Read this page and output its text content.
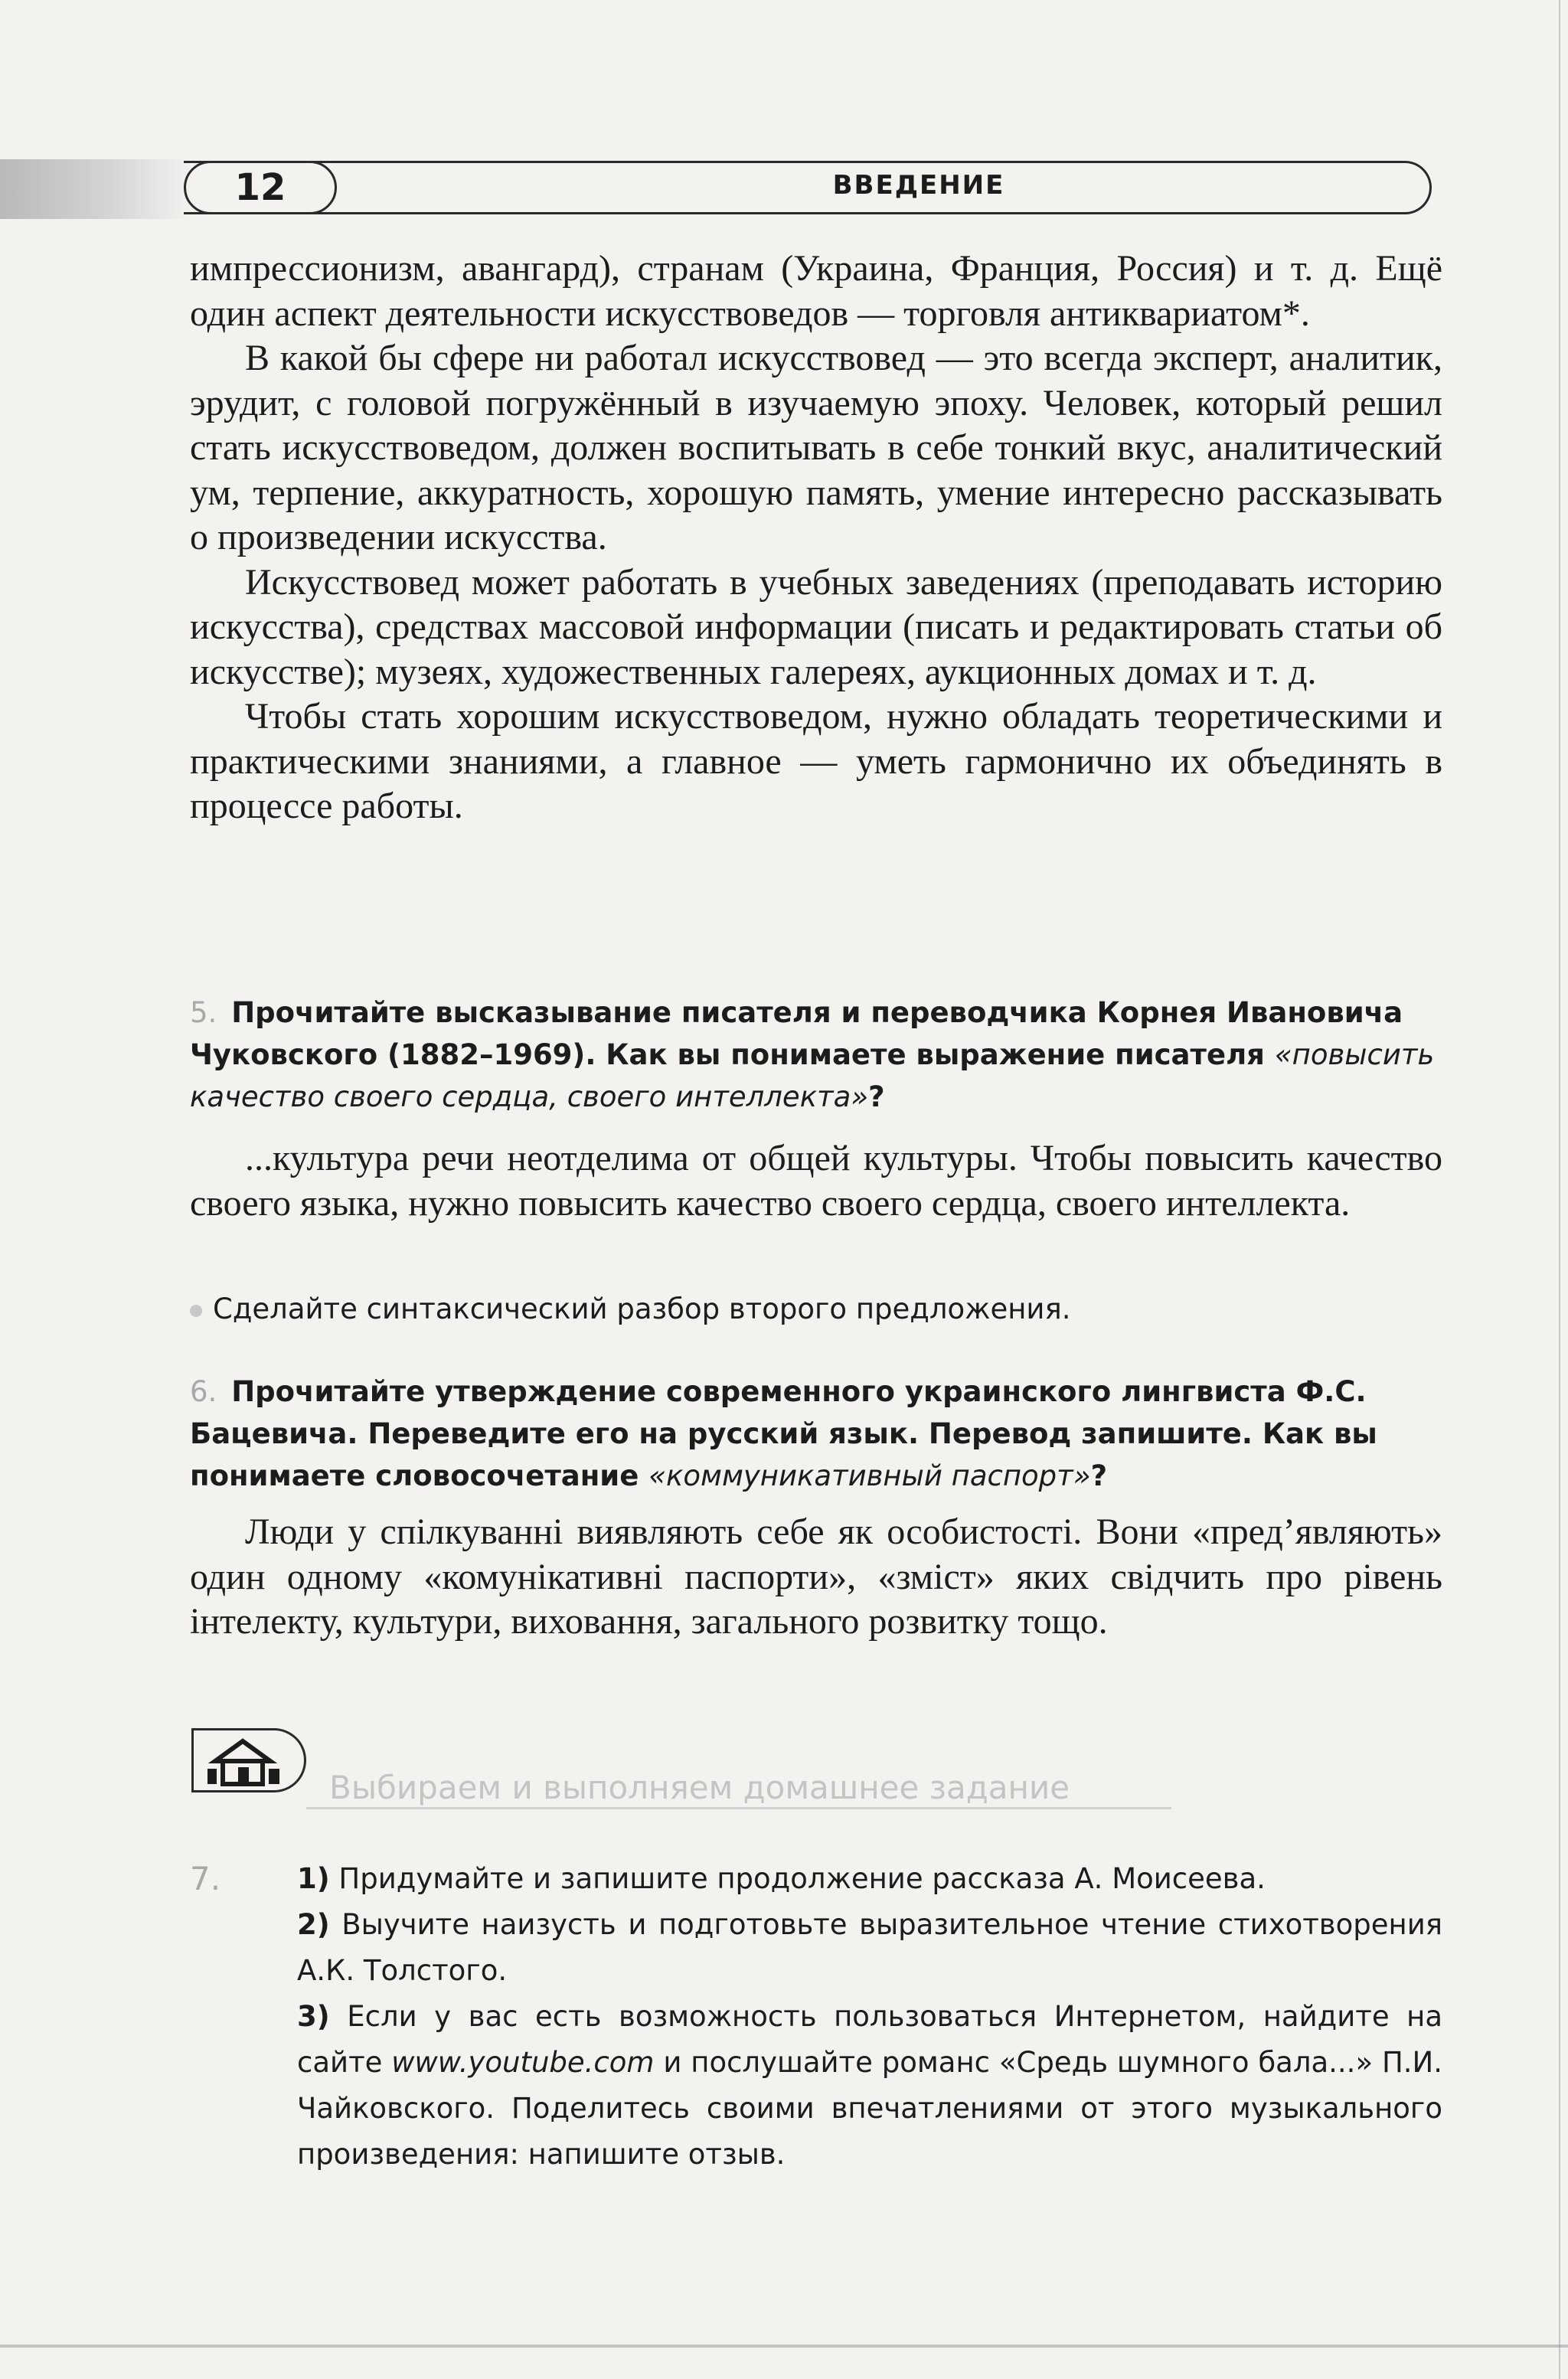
12	ВВЕДЕНИЕ

импрессионизм, авангард), странам (Украина, Франция, Россия) и т. д. Ещё один аспект деятельности искусствоведов — торговля антиквариатом*.

В какой бы сфере ни работал искусствовед — это всегда эксперт, аналитик, эрудит, с головой погружённый в изучаемую эпоху. Человек, который решил стать искусствоведом, должен воспитывать в себе тонкий вкус, аналитический ум, терпение, аккуратность, хорошую память, умение интересно рассказывать о произведении искусства.

Искусствовед может работать в учебных заведениях (преподавать историю искусства), средствах массовой информации (писать и редактировать статьи об искусстве); музеях, художественных галереях, аукционных домах и т. д.

Чтобы стать хорошим искусствоведом, нужно обладать теоретическими и практическими знаниями, а главное — уметь гармонично их объединять в процессе работы.

5. Прочитайте высказывание писателя и переводчика Корнея Ивановича Чуковского (1882–1969). Как вы понимаете выражение писателя «повысить качество своего сердца, своего интеллекта»?

...культура речи неотделима от общей культуры. Чтобы повысить качество своего языка, нужно повысить качество своего сердца, своего интеллекта.

Сделайте синтаксический разбор второго предложения.
6. Прочитайте утверждение современного украинского лингвиста Ф.С. Бацевича. Переведите его на русский язык. Перевод запишите. Как вы понимаете словосочетание «коммуникативный паспорт»?

Люди у спілкуванні виявляють себе як особистості. Вони «пред’являють» один одному «комунікативні паспорти», «зміст» яких свідчить про рівень інтелекту, культури, виховання, загального розвитку тощо.

Выбираем и выполняем домашнее задание
7.	1) Придумайте и запишите продолжение рассказа А. Моисеева.

2) Выучите наизусть и подготовьте выразительное чтение стихотворения А.К. Толстого.

3) Если у вас есть возможность пользоваться Интернетом, найдите на сайте www.youtube.com и послушайте романс «Средь шумного бала...» П.И. Чайковского. Поделитесь своими впечатлениями от этого музыкального произведения: напишите отзыв.
